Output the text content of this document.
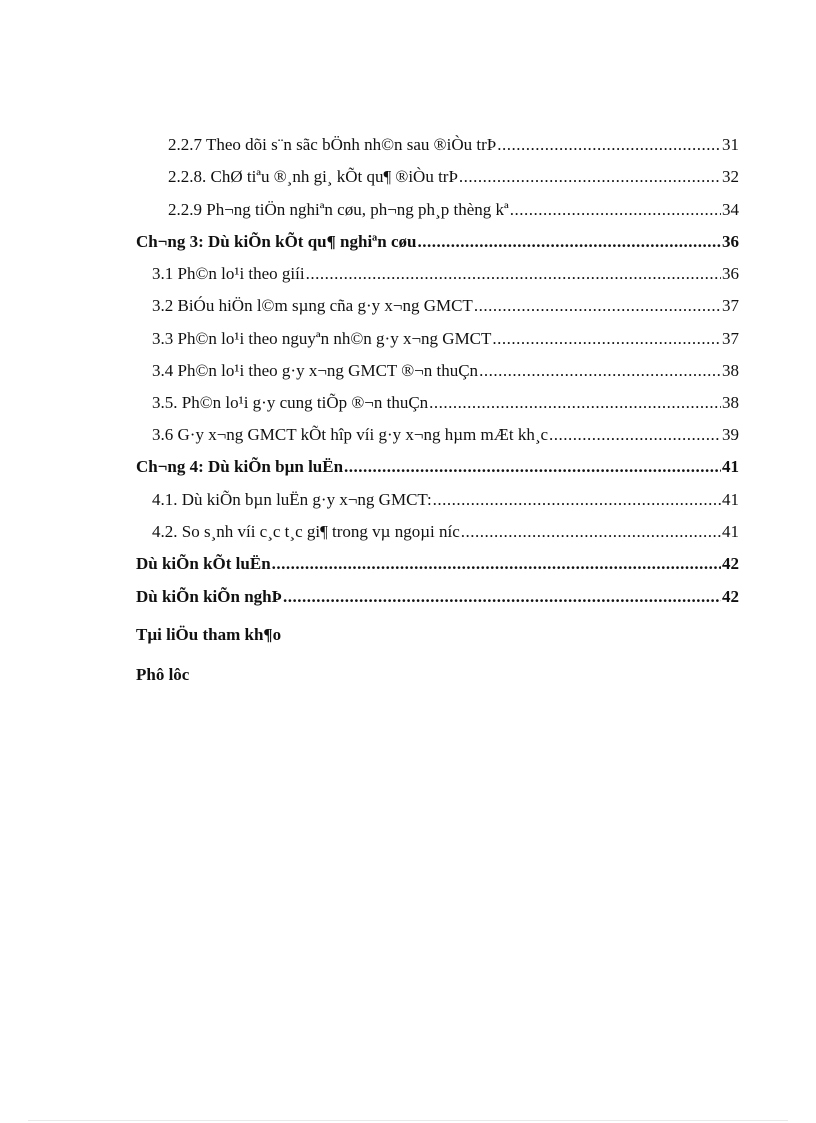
2.2.7 Theo dõi s¨n sãc bÖnh nh©n sau ®iÒu trÞ .....	31
2.2.8. ChØ tiªu ®¸nh gi¸ kÕt qu¶ ®iÒu trÞ .....	32
2.2.9 Ph¬ng tiÖn nghiªn cøu, ph¬ng ph¸p thèng kª .....	34
Ch¬ng 3: Dù kiÕn kÕt qu¶ nghiªn cøu .....	36
3.1 Ph©n lo¹i theo giíi .....	36
3.2 BiÓu hiÖn l©m sµng cña g·y x¬ng GMCT .....	37
3.3 Ph©n lo¹i theo nguyªn nh©n g·y x¬ng GMCT .....	37
3.4 Ph©n lo¹i theo g·y x¬ng GMCT ®¬n thuÇn .....	38
3.5. Ph©n lo¹i g·y cung tiÕp ®¬n thuÇn .....	38
3.6 G·y x¬ng GMCT kÕt hîp víi g·y x¬ng hµm mÆt kh¸c .....	39
Ch¬ng 4: Dù kiÕn bµn luËn .....	41
4.1. Dù kiÕn bµn luËn g·y x¬ng GMCT: .....	41
4.2. So s¸nh víi c¸c t¸c gi¶ trong vµ ngoµi níc .....	41
Dù kiÕn kÕt luËn .....	42
Dù kiÕn kiÕn nghÞ .....	42
Tµi liÖu tham kh¶o
Phô lôc
